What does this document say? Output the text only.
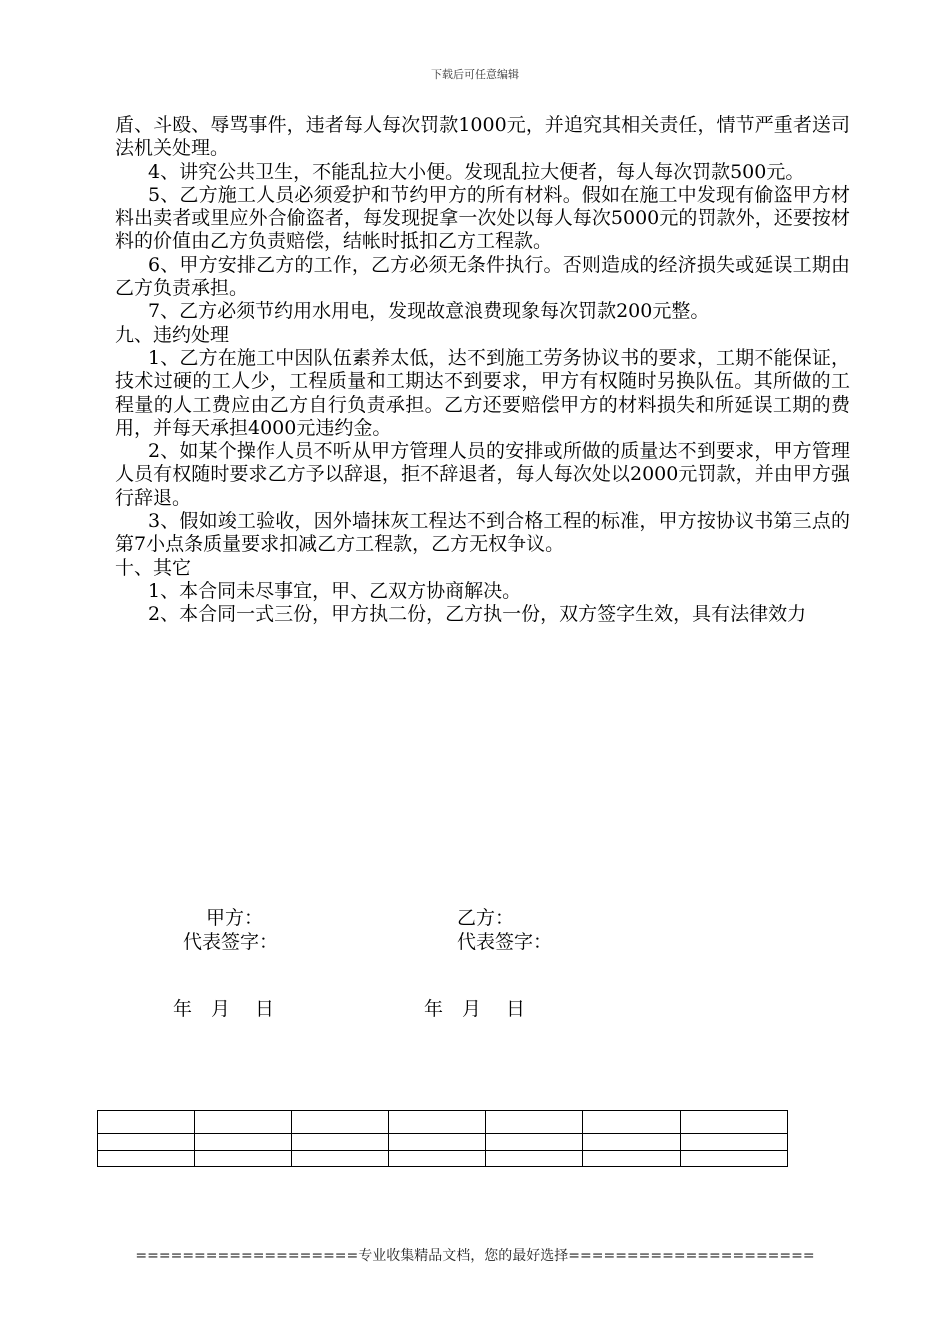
下载后可任意编辑

盾、斗殴、辱骂事件，违者每人每次罚款1000元，并追究其相关责任，情节严重者送司法机关处理。

4、讲究公共卫生，不能乱拉大小便。发现乱拉大便者，每人每次罚款500元。

5、乙方施工人员必须爱护和节约甲方的所有材料。假如在施工中发现有偷盗甲方材料出卖者或里应外合偷盗者，每发现捉拿一次处以每人每次5000元的罚款外，还要按材料的价值由乙方负责赔偿，结帐时抵扣乙方工程款。

6、甲方安排乙方的工作，乙方必须无条件执行。否则造成的经济损失或延误工期由乙方负责承担。

7、乙方必须节约用水用电，发现故意浪费现象每次罚款200元整。

九、违约处理

1、乙方在施工中因队伍素养太低，达不到施工劳务协议书的要求，工期不能保证，技术过硬的工人少，工程质量和工期达不到要求，甲方有权随时另换队伍。其所做的工程量的人工费应由乙方自行负责承担。乙方还要赔偿甲方的材料损失和所延误工期的费用，并每天承担4000元违约金。

2、如某个操作人员不听从甲方管理人员的安排或所做的质量达不到要求，甲方管理人员有权随时要求乙方予以辞退，拒不辞退者，每人每次处以2000元罚款，并由甲方强行辞退。

3、假如竣工验收，因外墙抹灰工程达不到合格工程的标准，甲方按协议书第三点的第7小点条质量要求扣减乙方工程款，乙方无权争议。

十、其它

1、本合同未尽事宜，甲、乙双方协商解决。

2、本合同一式三份，甲方执二份，乙方执一份，双方签字生效，具有法律效力

甲方：
代表签字：
年　月　 日
乙方：
代表签字：
年　月　 日

===================专业收集精品文档，您的最好选择=====================
